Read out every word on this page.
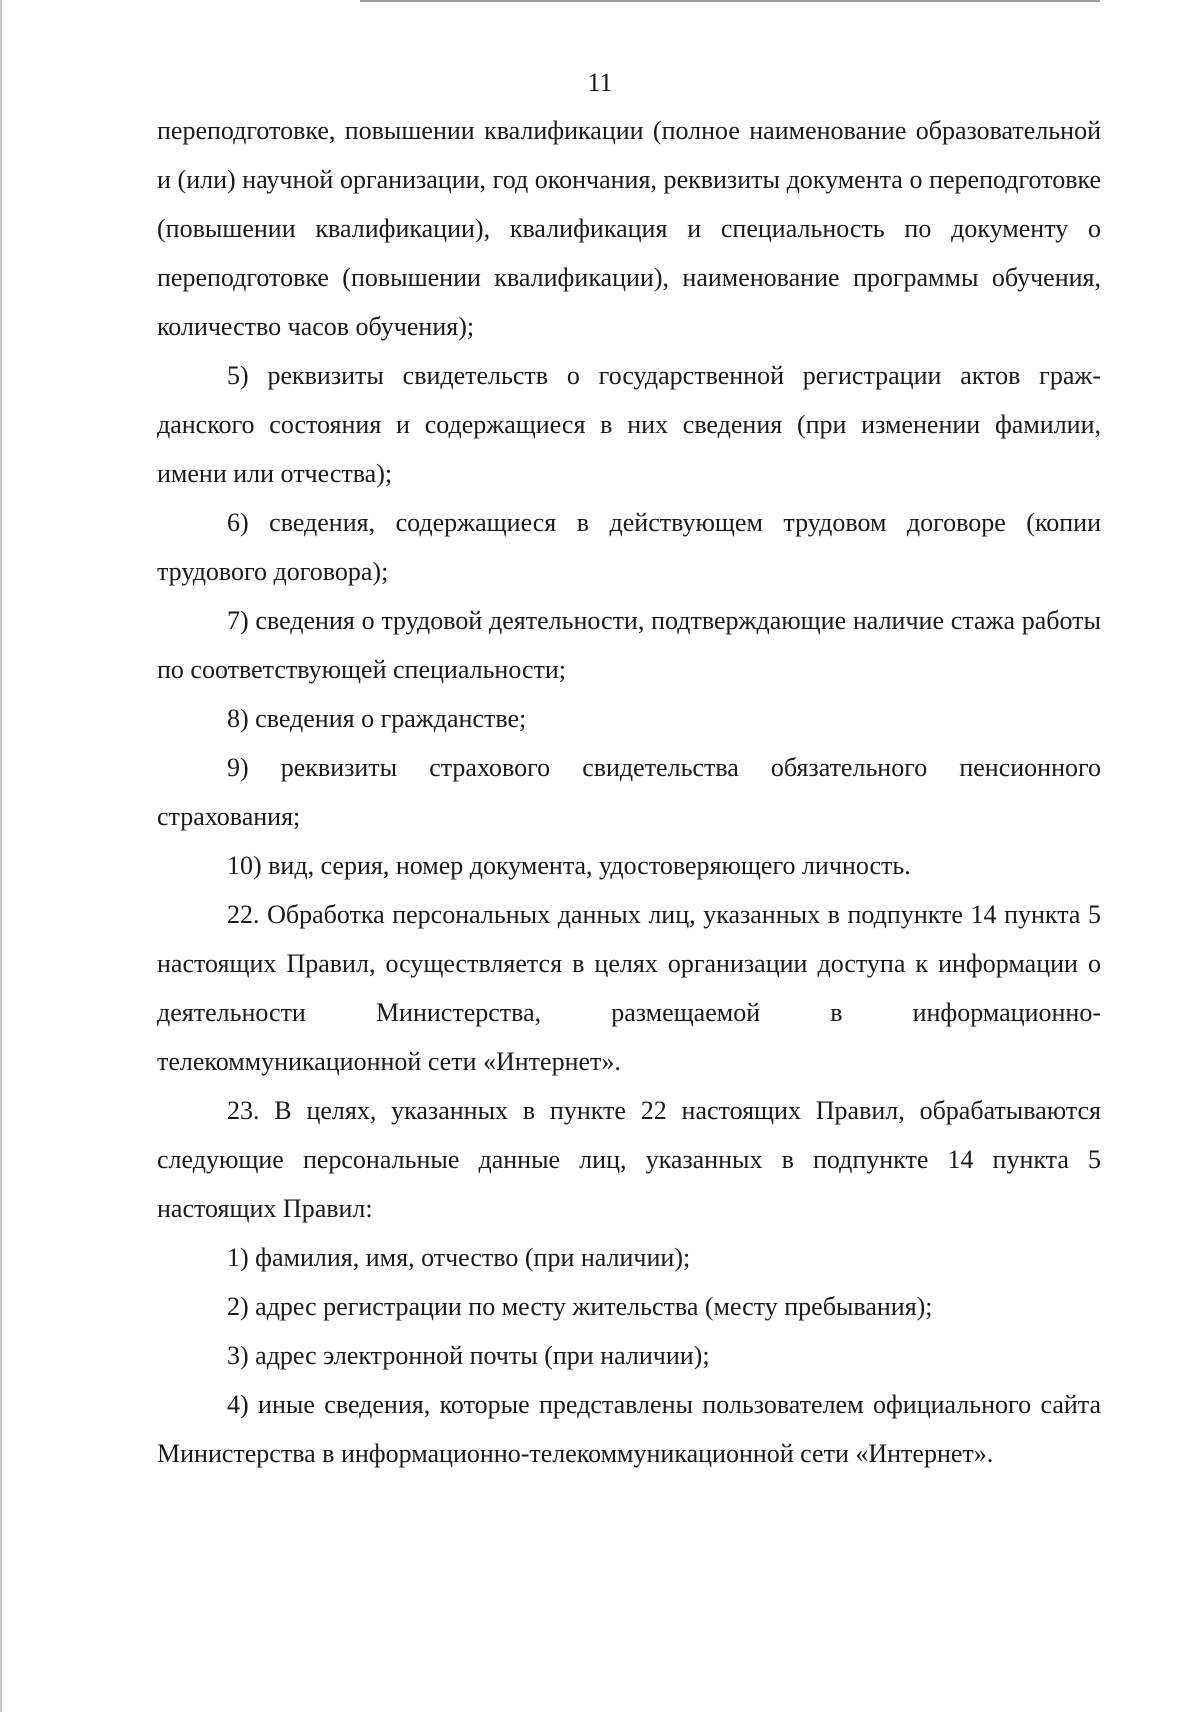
11

переподготовке, повышении квалификации (полное наименование образовательной и (или) научной организации, год окончания, реквизиты документа о переподготовке (повышении квалификации), квалификация и специальность по документу о переподготовке (повышении квалификации), наименование программы обучения, количество часов обучения);

5) реквизиты свидетельств о государственной регистрации актов гражданского состояния и содержащиеся в них сведения (при изменении фамилии, имени или отчества);

6) сведения, содержащиеся в действующем трудовом договоре (копии трудового договора);

7) сведения о трудовой деятельности, подтверждающие наличие стажа работы по соответствующей специальности;

8) сведения о гражданстве;

9) реквизиты страхового свидетельства обязательного пенсионного страхования;

10) вид, серия, номер документа, удостоверяющего личность.

22. Обработка персональных данных лиц, указанных в подпункте 14 пункта 5 настоящих Правил, осуществляется в целях организации доступа к информации о деятельности Министерства, размещаемой в информационно-телекоммуникационной сети «Интернет».

23. В целях, указанных в пункте 22 настоящих Правил, обрабатываются следующие персональные данные лиц, указанных в подпункте 14 пункта 5 настоящих Правил:

1) фамилия, имя, отчество (при наличии);

2) адрес регистрации по месту жительства (месту пребывания);

3) адрес электронной почты (при наличии);

4) иные сведения, которые представлены пользователем официального сайта Министерства в информационно-телекоммуникационной сети «Интернет».
